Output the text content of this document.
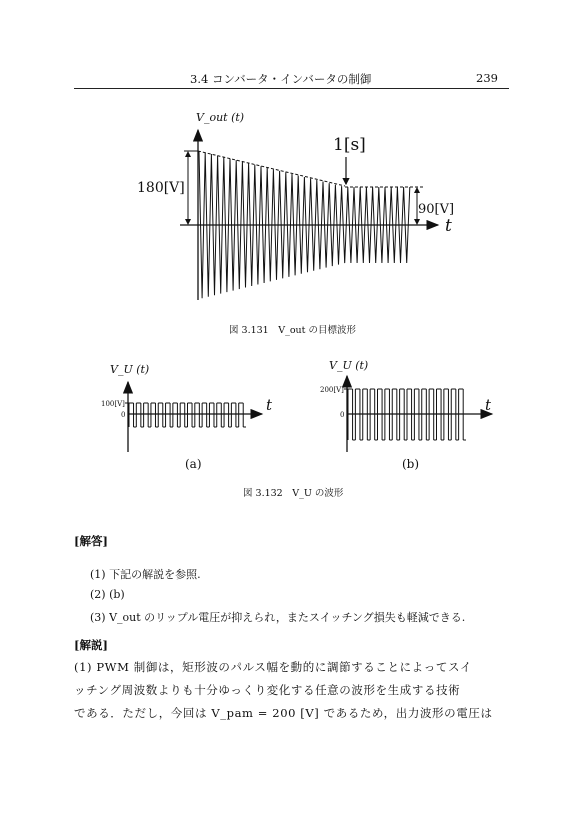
3.4 コンバータ・インバータの制御	239
V_out (t)
t
180[V]
90[V]
1[s]
図 3.131　V_out の目標波形
V_U (t)
t
100[V]
0
(a)
V_U (t)
t
200[V]
0
(b)
図 3.132　V_U の波形
[解答]
(1) 下記の解説を参照.
(2) (b)
(3) V_out のリップル電圧が抑えられ，またスイッチング損失も軽減できる.
[解説]
(1) PWM 制御は，矩形波のパルス幅を動的に調節することによってスイ
ッチング周波数よりも十分ゆっくり変化する任意の波形を生成する技術
である．ただし，今回は V_pam = 200 [V] であるため，出力波形の電圧は
